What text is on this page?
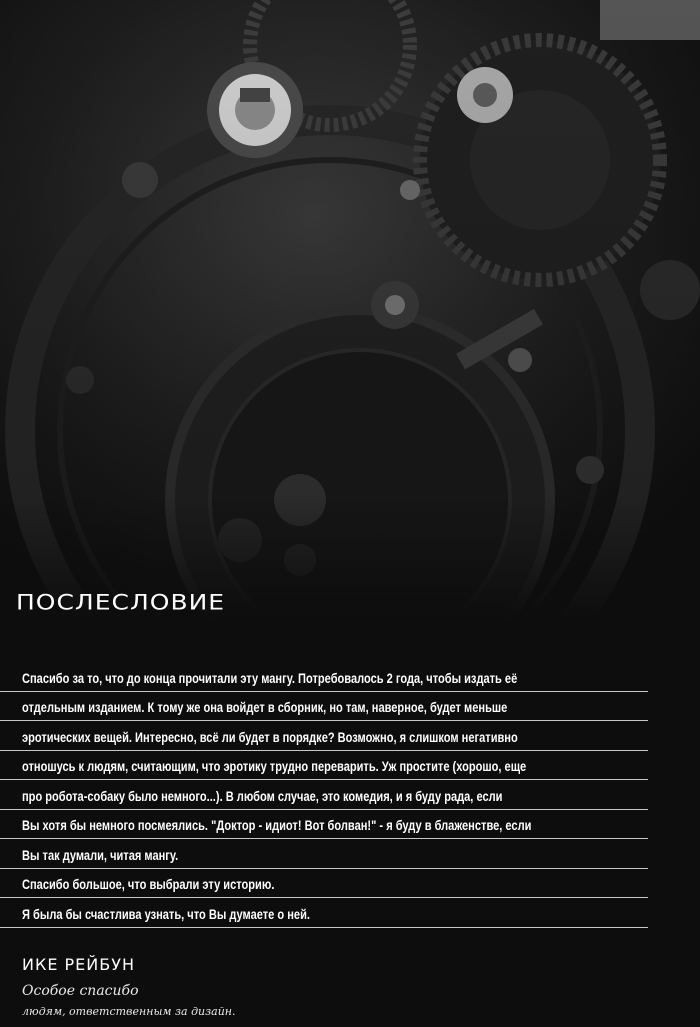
ПОСЛЕСЛОВИЕ
Спасибо за то, что до конца прочитали эту мангу. Потребовалось 2 года, чтобы издать её
отдельным изданием. К тому же она войдет в сборник, но там, наверное, будет меньше
эротических вещей. Интересно, всё ли будет в порядке? Возможно, я слишком негативно
отношусь к людям, считающим, что эротику трудно переварить. Уж простите (хорошо, еще
про робота-собаку было немного...). В любом случае, это комедия, и я буду рада, если
Вы хотя бы немного посмеялись. "Доктор - идиот! Вот болван!" - я буду в блаженстве, если
Вы так думали, читая мангу.
Спасибо большое, что выбрали эту историю.
Я была бы счастлива узнать, что Вы думаете о ней.
ИКЕ РЕЙБУН
Особое спасибо
людям, ответственным за дизайн.
